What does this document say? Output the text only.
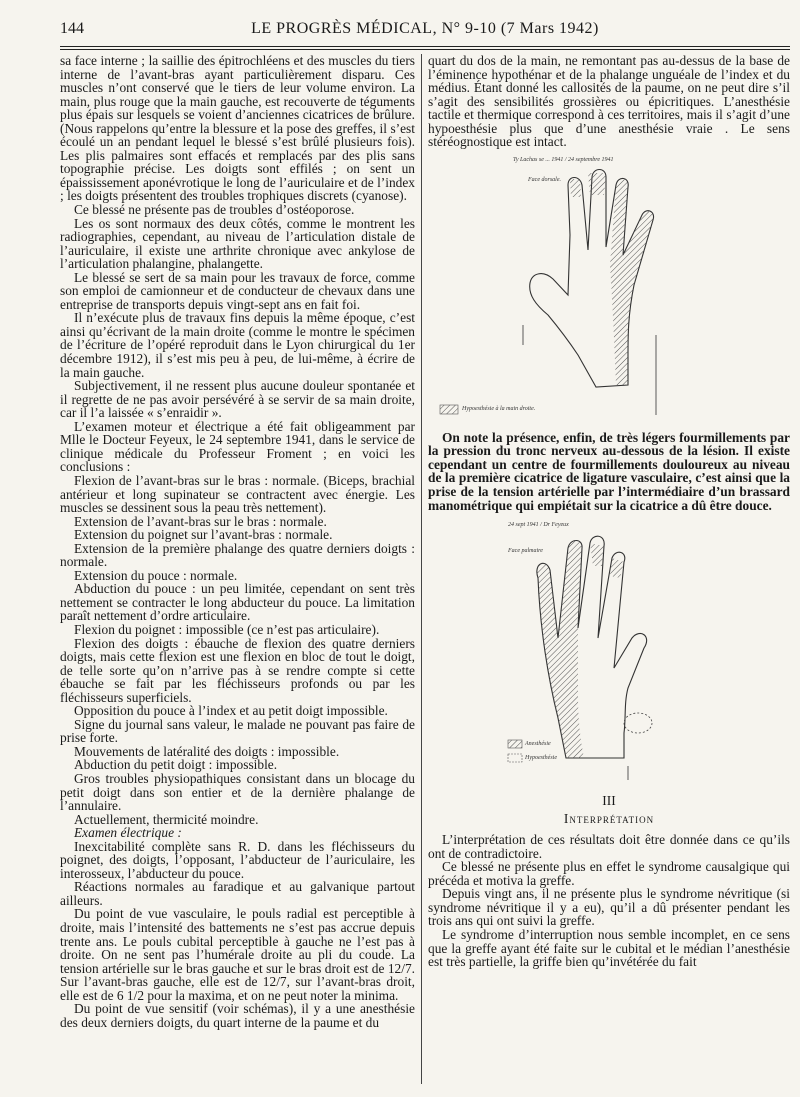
144	LE PROGRÈS MÉDICAL, N° 9-10 (7 Mars 1942)

sa face interne ; la saillie des épitrochléens et des muscles du tiers interne de l’avant-bras ayant particulièrement disparu. Ces muscles n’ont conservé que le tiers de leur volume environ. La main, plus rouge que la main gauche, est recouverte de téguments plus épais sur lesquels se voient d’anciennes cicatrices de brûlure. (Nous rappelons qu’entre la blessure et la pose des greffes, il s’est écoulé un an pendant lequel le blessé s’est brûlé plusieurs fois). Les plis palmaires sont effacés et remplacés par des plis sans topographie précise. Les doigts sont effilés ; on sent un épaississement aponévrotique le long de l’auriculaire et de l’index ; les doigts présentent des troubles trophiques discrets (cyanose).

Ce blessé ne présente pas de troubles d’ostéoporose.

Les os sont normaux des deux côtés, comme le montrent les radiographies, cependant, au niveau de l’articulation distale de l’auriculaire, il existe une arthrite chronique avec ankylose de l’articulation phalangine, phalangette.

Le blessé se sert de sa main pour les travaux de force, comme son emploi de camionneur et de conducteur de chevaux dans une entreprise de transports depuis vingt-sept ans en fait foi.

Il n’exécute plus de travaux fins depuis la même époque, c’est ainsi qu’écrivant de la main droite (comme le montre le spécimen de l’écriture de l’opéré reproduit dans le Lyon chirurgical du 1er décembre 1912), il s’est mis peu à peu, de lui-même, à écrire de la main gauche.

Subjectivement, il ne ressent plus aucune douleur spontanée et il regrette de ne pas avoir persévéré à se servir de sa main droite, car il l’a laissée « s’enraidir ».

L’examen moteur et électrique a été fait obligeamment par Mlle le Docteur Feyeux, le 24 septembre 1941, dans le service de clinique médicale du Professeur Froment ; en voici les conclusions :

Flexion de l’avant-bras sur le bras : normale. (Biceps, brachial antérieur et long supinateur se contractent avec énergie. Les muscles se dessinent sous la peau très nettement).

Extension de l’avant-bras sur le bras : normale.

Extension du poignet sur l’avant-bras : normale.

Extension de la première phalange des quatre derniers doigts : normale.

Extension du pouce : normale.

Abduction du pouce : un peu limitée, cependant on sent très nettement se contracter le long abducteur du pouce. La limitation paraît nettement d’ordre articulaire.

Flexion du poignet : impossible (ce n’est pas articulaire).

Flexion des doigts : ébauche de flexion des quatre derniers doigts, mais cette flexion est une flexion en bloc de tout le doigt, de telle sorte qu’on n’arrive pas à se rendre compte si cette ébauche se fait par les fléchisseurs profonds ou par les fléchisseurs superficiels.

Opposition du pouce à l’index et au petit doigt impossible.

Signe du journal sans valeur, le malade ne pouvant pas faire de prise forte.

Mouvements de latéralité des doigts : impossible.

Abduction du petit doigt : impossible.

Gros troubles physiopathiques consistant dans un blocage du petit doigt dans son entier et de la dernière phalange de l’annulaire.

Actuellement, thermicité moindre.

Examen électrique :

Inexcitabilité complète sans R. D. dans les fléchisseurs du poignet, des doigts, l’opposant, l’abducteur de l’auriculaire, les interosseux, l’abducteur du pouce.

Réactions normales au faradique et au galvanique partout ailleurs.

Du point de vue vasculaire, le pouls radial est perceptible à droite, mais l’intensité des battements ne s’est pas accrue depuis trente ans. Le pouls cubital perceptible à gauche ne l’est pas à droite. On ne sent pas l’humérale droite au pli du coude. La tension artérielle sur le bras gauche et sur le bras droit est de 12/7. Sur l’avant-bras gauche, elle est de 12/7, sur l’avant-bras droit, elle est de 6 1/2 pour la maxima, et on ne peut noter la minima.

Du point de vue sensitif (voir schémas), il y a une anesthésie des deux derniers doigts, du quart interne de la paume et du

quart du dos de la main, ne remontant pas au-dessus de la base de l’éminence hypothénar et de la phalange unguéale de l’index et du médius. Étant donné les callosités de la paume, on ne peut dire s’il s’agit des sensibilités grossières ou épicritiques. L’anesthésie tactile et thermique correspond à ces territoires, mais il s’agit d’une hypoesthésie plus que d’une anesthésie vraie . Le sens stéréognostique est intact.

Ty Lachas se ... 1941 / 24 septembre 1941
Face dorsale.
Hypoesthésie à la main droite.

On note la présence, enfin, de très légers fourmillements par la pression du tronc nerveux au-dessous de la lésion. Il existe cependant un centre de fourmillements douloureux au niveau de la première cicatrice de ligature vasculaire, c’est ainsi que la prise de la tension artérielle par l’intermédiaire d’un brassard manométrique qui empiétait sur la cicatrice a dû être douce.

24 sept 1941 / Dr Feyeux
Face palmaire
Anesthésie
Hypoesthésie
III
Interprétation

L’interprétation de ces résultats doit être donnée dans ce qu’ils ont de contradictoire.

Ce blessé ne présente plus en effet le syndrome causalgique qui précéda et motiva la greffe.

Depuis vingt ans, il ne présente plus le syndrome névritique (si syndrome névritique il y a eu), qu’il a dû présenter pendant les trois ans qui ont suivi la greffe.

Le syndrome d’interruption nous semble incomplet, en ce sens que la greffe ayant été faite sur le cubital et le médian l’anesthésie est très partielle, la griffe bien qu’invétérée du fait
